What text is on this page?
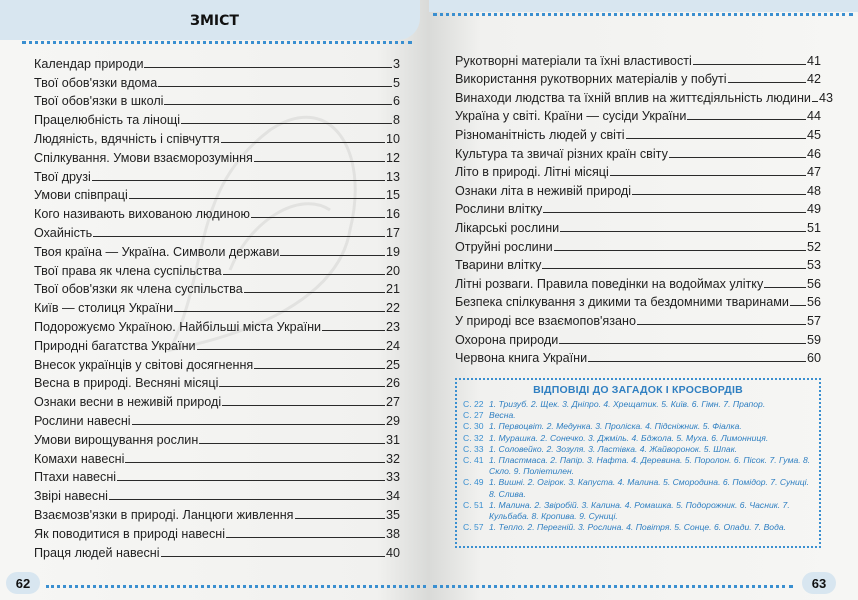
ЗМІСТ
Календар природи	3
Твої обов'язки вдома	5
Твої обов'язки в школі	6
Працелюбність та лінощі	8
Людяність, вдячність і співчуття	10
Спілкування. Умови взаєморозуміння	12
Твої друзі	13
Умови співпраці	15
Кого називають вихованою людиною	16
Охайність	17
Твоя країна — Україна. Символи держави	19
Твої права як члена суспільства	20
Твої обов'язки як члена суспільства	21
Київ — столиця України	22
Подорожуємо Україною. Найбільші міста України	23
Природні багатства України	24
Внесок українців у світові досягнення	25
Весна в природі. Весняні місяці	26
Ознаки весни в неживій природі	27
Рослини навесні	29
Умови вирощування рослин	31
Комахи навесні	32
Птахи навесні	33
Звірі навесні	34
Взаємозв'язки в природі. Ланцюги живлення	35
Як поводитися в природі навесні	38
Праця людей навесні	40
62
Рукотворні матеріали та їхні властивості	41
Використання рукотворних матеріалів у побуті	42
Винаходи людства та їхній вплив на життєдіяльність людини 43
Україна у світі. Країни — сусіди України	44
Різноманітність людей у світі	45
Культура та звичаї різних країн світу	46
Літо в природі. Літні місяці	47
Ознаки літа в неживій природі	48
Рослини влітку	49
Лікарські рослини	51
Отруйні рослини	52
Тварини влітку	53
Літні розваги. Правила поведінки на водоймах улітку	56
Безпека спілкування з дикими та бездомними тваринами 56
У природі все взаємопов'язано	57
Охорона природи	59
Червона книга України	60
ВІДПОВІДІ ДО ЗАГАДОК І КРОСВОРДІВ
С. 22 1. Тризуб. 2. Щек. 3. Дніпро. 4. Хрещатик. 5. Київ. 6. Гімн. 7. Прапор.
С. 27 Весна.
С. 30 1. Первоцвіт. 2. Медунка. 3. Проліска. 4. Підсніжник. 5. Фіалка.
С. 32 1. Мурашка. 2. Сонечко. 3. Джміль. 4. Бджола. 5. Муха. 6. Лимонниця.
С. 33 1. Соловейко. 2. Зозуля. 3. Ластівка. 4. Жайворонок. 5. Шпак.
С. 41 1. Пластмаса. 2. Папір. 3. Нафта. 4. Деревина. 5. Поролон. 6. Пісок. 7. Гума. 8. Скло. 9. Поліетилен.
С. 49 1. Вишні. 2. Огірок. 3. Капуста. 4. Малина. 5. Смородина. 6. Помідор. 7. Суниці. 8. Слива.
С. 51 1. Малина. 2. Звіробій. 3. Калина. 4. Ромашка. 5. Подорожник. 6. Часник. 7. Кульбаба. 8. Кропива. 9. Суниці.
С. 57 1. Тепло. 2. Перегній. 3. Рослина. 4. Повітря. 5. Сонце. 6. Опади. 7. Вода.
63
